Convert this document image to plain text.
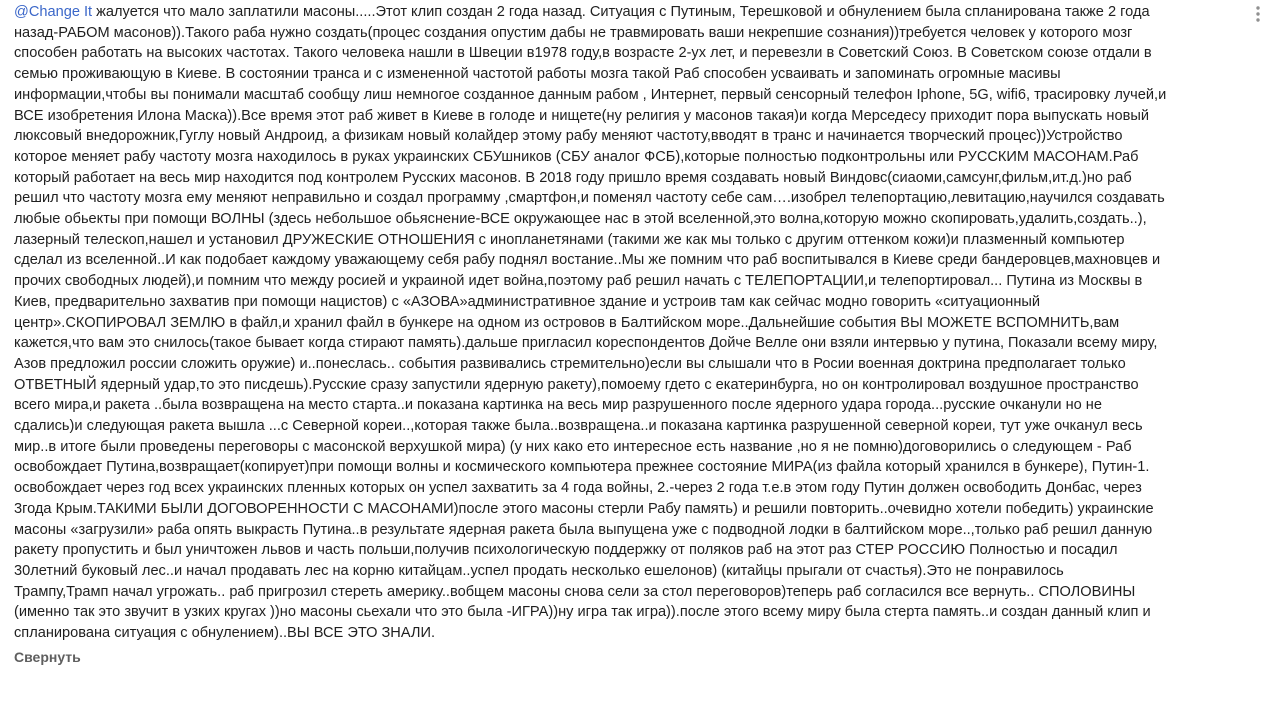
@Change It жалуется что мало заплатили масоны.....Этот клип создан 2 года назад. Ситуация с Путиным, Терешковой и обнулением была спланирована также 2 года
назад-РАБОМ масонов)).Такого раба нужно создать(процес создания опустим дабы не травмировать ваши некрепшие сознания))требуется человек у которого мозг
способен работать на высоких частотах. Такого человека нашли в Швеции в1978 году,в возрасте 2-ух лет, и перевезли в Советский Союз. В Советском союзе отдали в
семью проживающую в Киеве. В состоянии транса и с измененной частотой работы мозга такой Раб способен усваивать и запоминать огромные масивы
информации,чтобы вы понимали масштаб сообщу лиш немногое созданное данным рабом , Интернет, первый сенсорный телефон Iphone, 5G, wifi6, трасировку лучей,и
ВСЕ изобретения Илона Маска)).Все время этот раб живет в Киеве в голоде и нищете(ну религия у масонов такая)и когда Мерседесу приходит пора выпускать новый
люксовый внедорожник,Гуглу новый Андроид, а физикам новый колайдер этому рабу меняют частоту,вводят в транс и начинается творческий процес))Устройство
которое меняет рабу частоту мозга находилось в руках украинских СБУшников (СБУ аналог ФСБ),которые полностью подконтрольны или РУССКИМ МАСОНАМ.Раб
который работает на весь мир находится под контролем Русских масонов. В 2018 году пришло время создавать новый Виндовс(сиаоми,самсунг,фильм,ит.д.)но раб
решил что частоту мозга ему меняют неправильно и создал программу ,смартфон,и поменял частоту себе сам….изобрел телепортацию,левитацию,научился создавать
любые обьекты при помощи ВОЛНЫ (здесь небольшое обьяснение-ВСЕ окружающее нас в этой вселенной,это волна,которую можно скопировать,удалить,создать..),
лазерный телескоп,нашел и установил ДРУЖЕСКИЕ ОТНОШЕНИЯ с инопланетянами (такими же как мы только с другим оттенком кожи)и плазменный компьютер
сделал из вселенной..И как подобает каждому уважающему себя рабу поднял востание..Мы же помним что раб воспитывался в Киеве среди бандеровцев,махновцев и
прочих свободных людей),и помним что между росией и украиной идет война,поэтому раб решил начать с ТЕЛЕПОРТАЦИИ,и телепортировал... Путина из Москвы в
Киев, предварительно захватив при помощи нацистов) с «АЗОВА»административное здание и устроив там как сейчас модно говорить «ситуационный
центр».СКОПИРОВАЛ ЗЕМЛЮ в файл,и хранил файл в бункере на одном из островов в Балтийском море..Дальнейшие события ВЫ МОЖЕТЕ ВСПОМНИТЬ,вам
кажется,что вам это снилось(такое бывает когда стирают память).дальше пригласил кореспондентов Дойче Велле они взяли интервью у путина, Показали всему миру,
Азов предложил россии сложить оружие) и..понеслась.. события развивались стремительно)если вы слышали что в Росии военная доктрина предполагает только
ОТВЕТНЫЙ ядерный удар,то это писдешь).Русские сразу запустили ядерную ракету),помоему гдето с екатеринбурга, но он контролировал воздушное пространство
всего мира,и ракета ..была возвращена на место старта..и показана картинка на весь мир разрушенного после ядерного удара города...русские очканули но не
сдались)и следующая ракета вышла ...с Северной кореи..,которая также была..возвращена..и показана картинка разрушенной северной кореи, тут уже очканул весь
мир..в итоге были проведены переговоры с масонской верхушкой мира) (у них како ето интересное есть название ,но я не помню)договорились о следующем - Раб
освобождает Путина,возвращает(копирует)при помощи волны и космического компьютера прежнее состояние МИРА(из файла который хранился в бункере), Путин-1.
освобождает через год всех украинских пленных которых он успел захватить за 4 года войны, 2.-через 2 года т.е.в этом году Путин должен освободить Донбас, через
3года Крым.ТАКИМИ БЫЛИ ДОГОВОРЕННОСТИ С МАСОНАМИ)после этого масоны стерли Рабу память) и решили повторить..очевидно хотели победить) украинские
масоны «загрузили» раба опять выкрасть Путина..в результате ядерная ракета была выпущена уже с подводной лодки в балтийском море..,только раб решил данную
ракету пропустить и был уничтожен львов и часть польши,получив психологическую поддержку от поляков раб на этот раз СТЕР РОССИЮ Полностью и посадил
30летний буковый лес..и начал продавать лес на корню китайцам..успел продать несколько ешелонов) (китайцы прыгали от счастья).Это не понравилось
Трампу,Трамп начал угрожать.. раб пригрозил стереть америку..вобщем масоны снова сели за стол переговоров)теперь раб согласился все вернуть.. СПОЛОВИНЫ
(именно так это звучит в узких кругах ))но масоны сьехали что это была -ИГРА))ну игра так игра)).после этого всему миру была стерта память..и создан данный клип и
спланирована ситуация с обнулением)..ВЫ ВСЕ ЭТО ЗНАЛИ.

Свернуть
